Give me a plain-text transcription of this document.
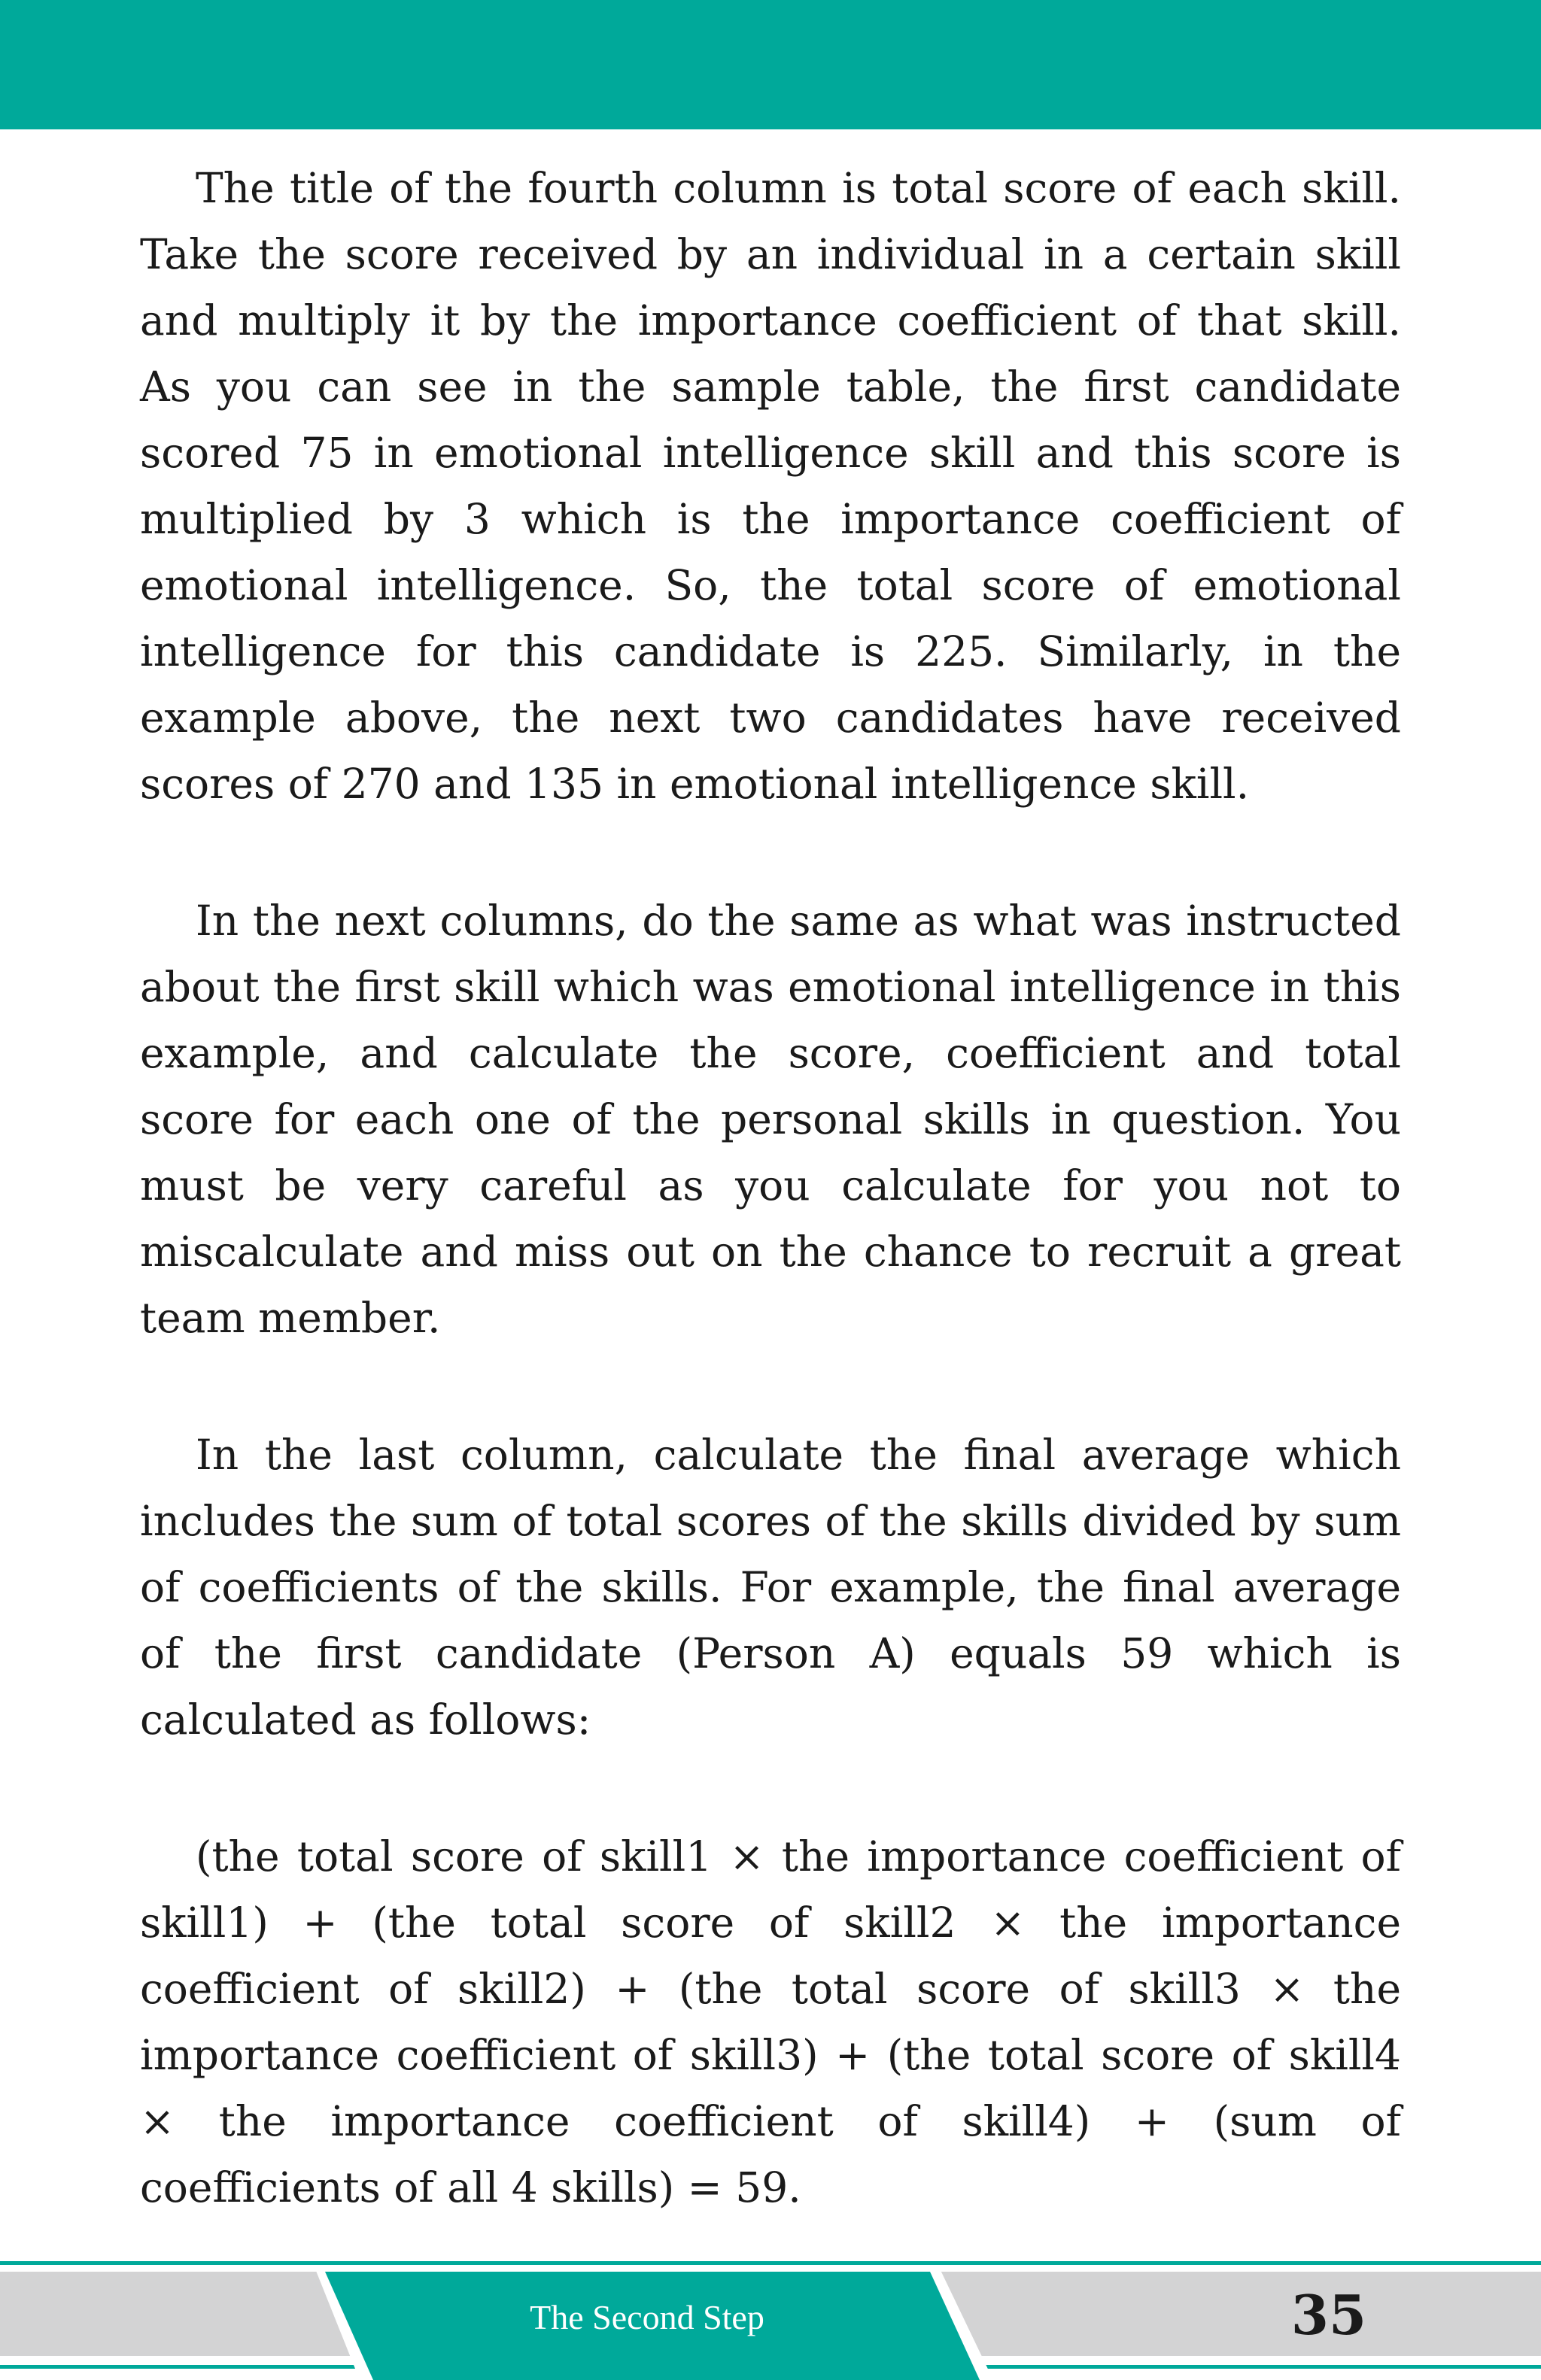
The title of the fourth column is total score of each skill. Take the score received by an individual in a certain skill and multiply it by the importance coefficient of that skill. As you can see in the sample table, the first candidate scored 75 in emotional intelligence skill and this score is multiplied by 3 which is the importance coefficient of emotional intelligence. So, the total score of emotional intelligence for this candidate is 225. Similarly, in the example above, the next two candidates have received scores of 270 and 135 in emotional intelligence skill.

In the next columns, do the same as what was instructed about the first skill which was emotional intelligence in this example, and calculate the score, coefficient and total score for each one of the personal skills in question. You must be very careful as you calculate for you not to miscalculate and miss out on the chance to recruit a great team member.

In the last column, calculate the final average which includes the sum of total scores of the skills divided by sum of coefficients of the skills. For example, the final average of the first candidate (Person A) equals 59 which is calculated as follows:

(the total score of skill1 × the importance coefficient of skill1) + (the total score of skill2 × the importance coefficient of skill2) + (the total score of skill3 × the importance coefficient of skill3) + (the total score of skill4 × the importance coefficient of skill4) + (sum of coefficients of all 4 skills) = 59.

The Second Step	35
